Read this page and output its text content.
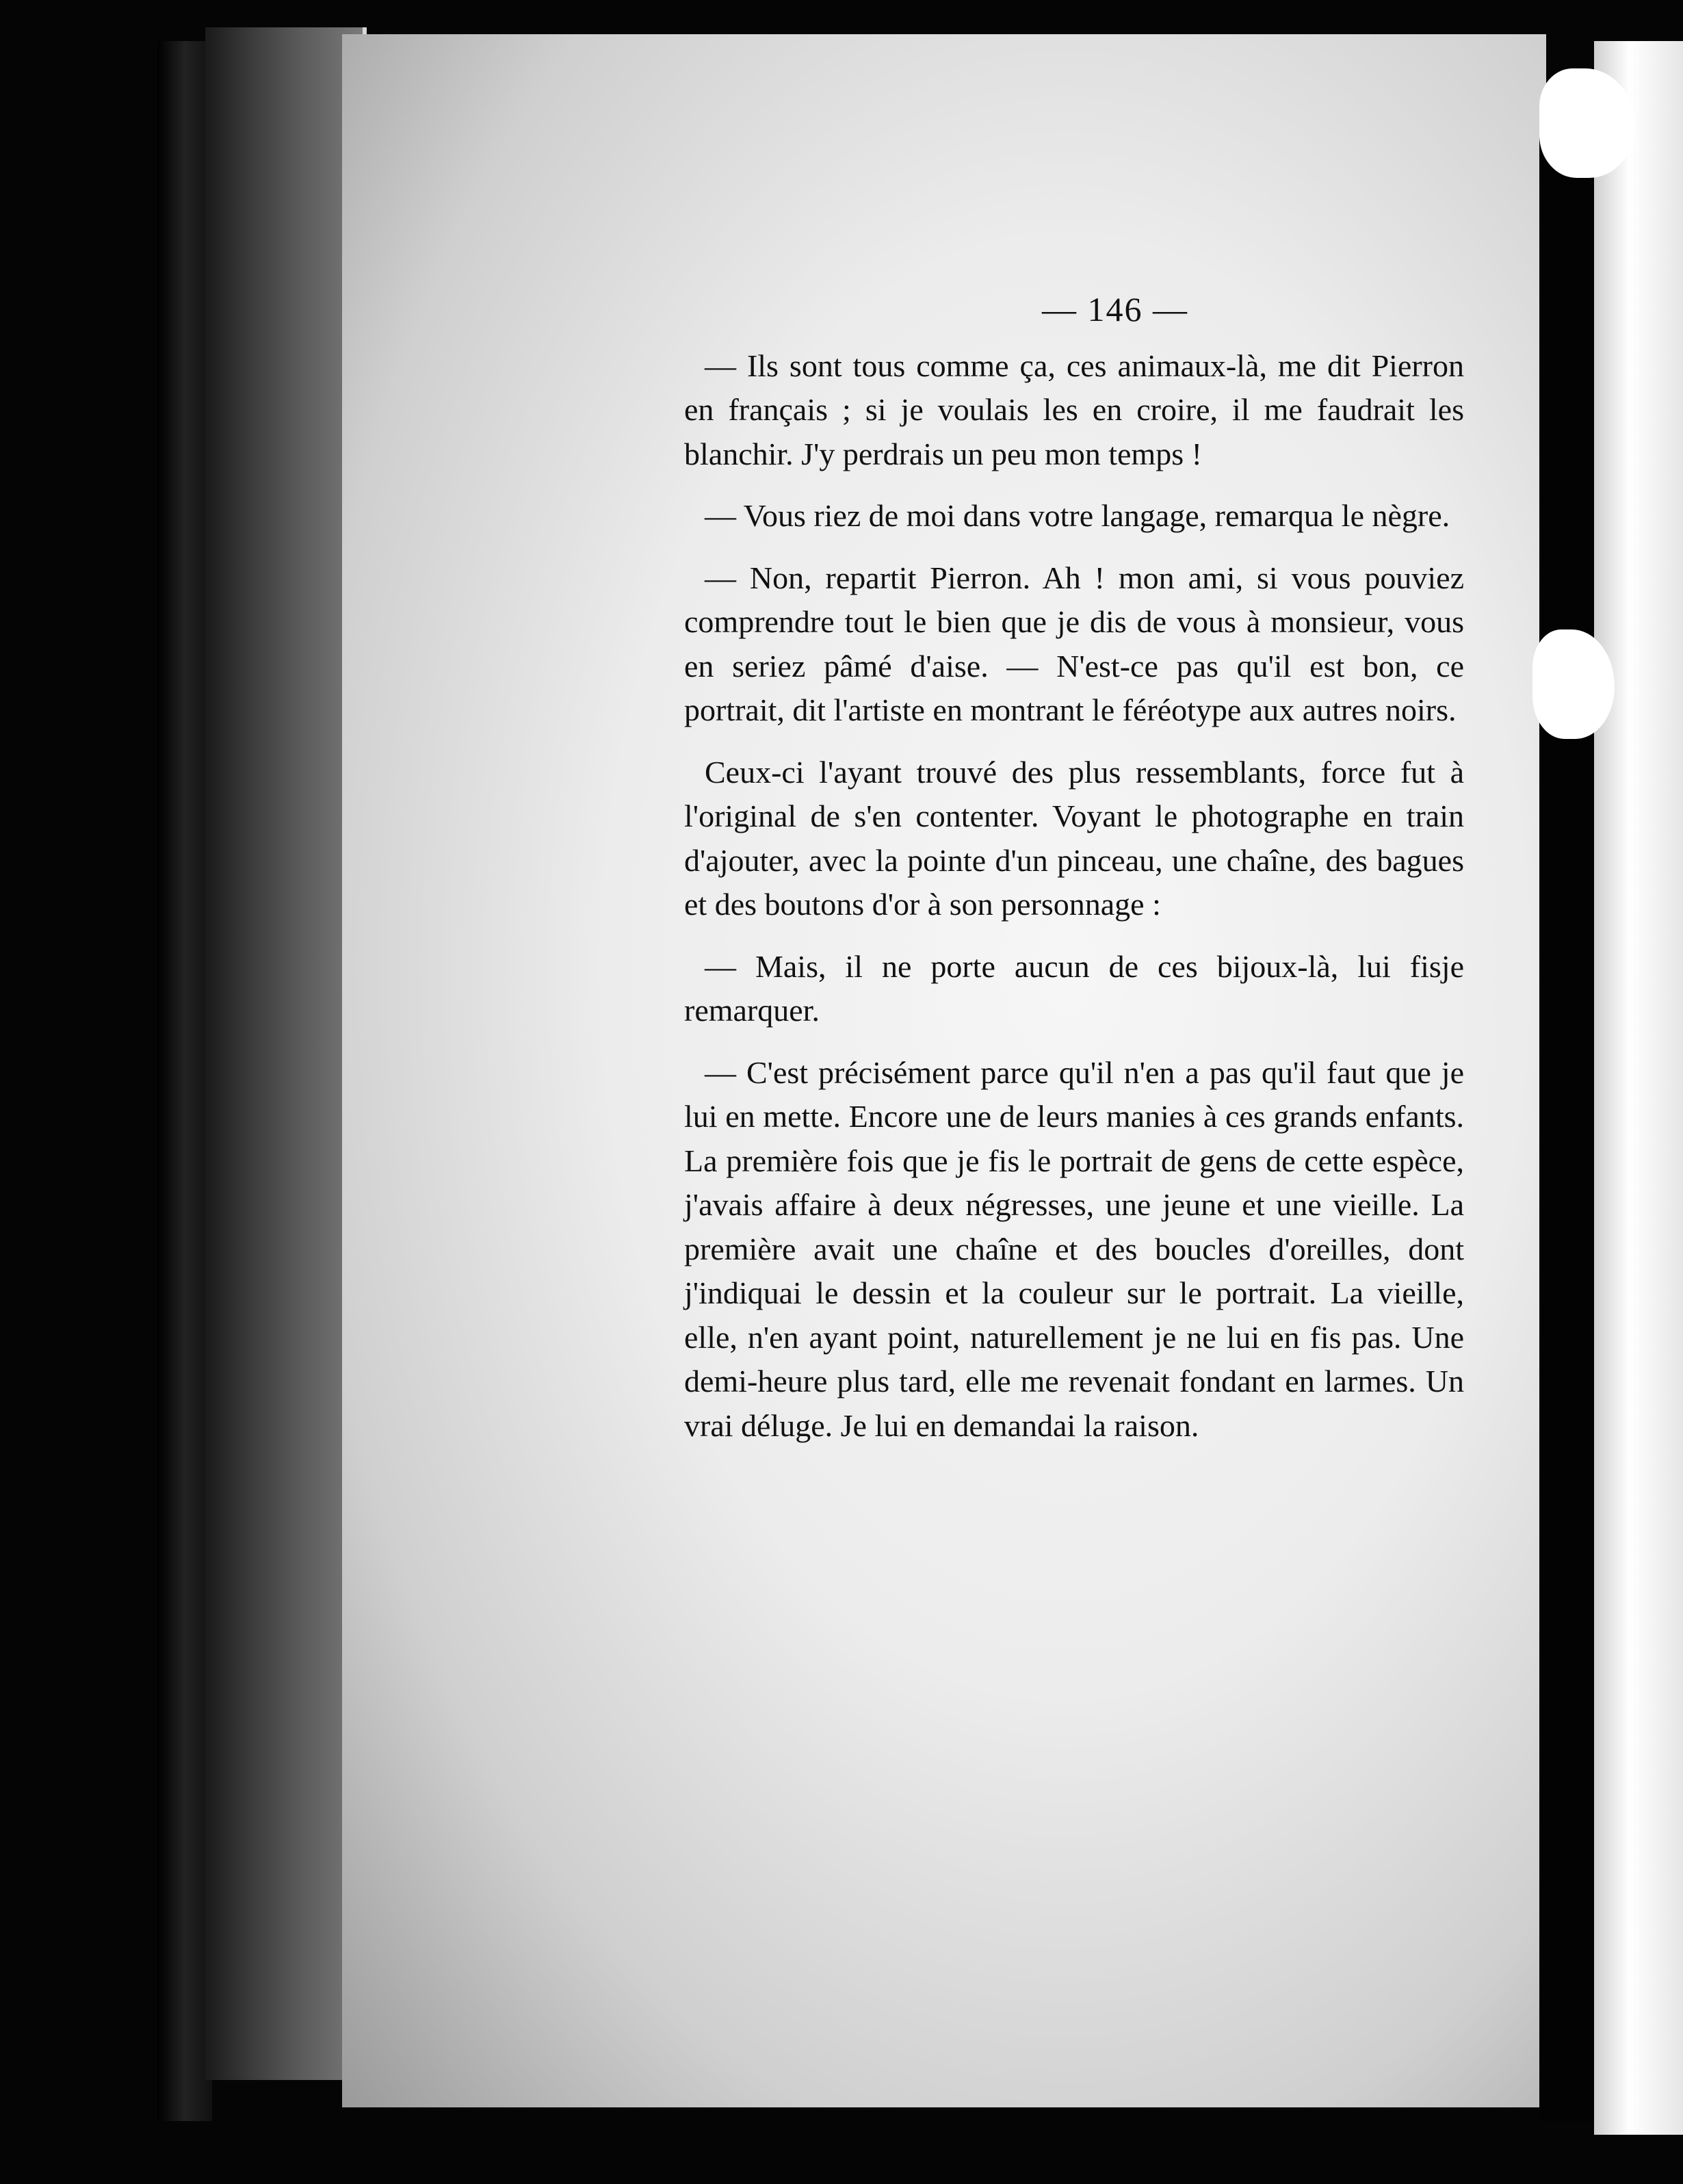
— 146 —

— Ils sont tous comme ça, ces animaux-là, me dit Pierron en français ; si je voulais les en croire, il me faudrait les blanchir. J'y perdrais un peu mon temps !

— Vous riez de moi dans votre langage, remarqua le nègre.

— Non, repartit Pierron. Ah ! mon ami, si vous pouviez comprendre tout le bien que je dis de vous à monsieur, vous en seriez pâmé d'aise. — N'est-ce pas qu'il est bon, ce portrait, dit l'artiste en montrant le féréotype aux autres noirs.

Ceux-ci l'ayant trouvé des plus ressemblants, force fut à l'original de s'en contenter. Voyant le photographe en train d'ajouter, avec la pointe d'un pinceau, une chaîne, des bagues et des boutons d'or à son personnage :

— Mais, il ne porte aucun de ces bijoux-là, lui fisje remarquer.

— C'est précisément parce qu'il n'en a pas qu'il faut que je lui en mette. Encore une de leurs manies à ces grands enfants. La première fois que je fis le portrait de gens de cette espèce, j'avais affaire à deux négresses, une jeune et une vieille. La première avait une chaîne et des boucles d'oreilles, dont j'indiquai le dessin et la couleur sur le portrait. La vieille, elle, n'en ayant point, naturellement je ne lui en fis pas. Une demi-heure plus tard, elle me revenait fondant en larmes. Un vrai déluge. Je lui en demandai la raison.
